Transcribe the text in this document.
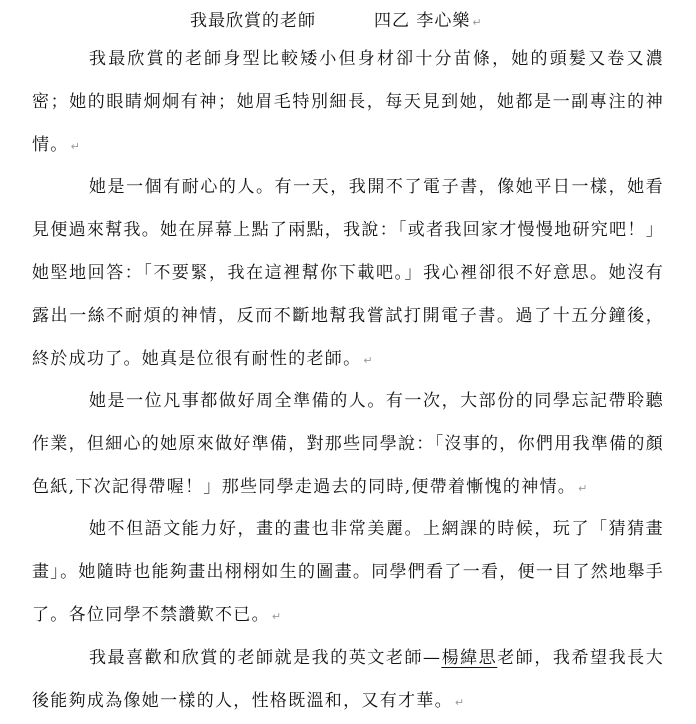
我最欣賞的老師	四乙 李心樂 ↵
我最欣賞的老師身型比較矮小但身材卻十分苗條，她的頭髮又卷又濃密；她的眼睛炯炯有神；她眉毛特別細長，每天見到她，她都是一副專注的神情。 ↵
她是一個有耐心的人。有一天，我開不了電子書，像她平日一樣，她看見便過來幫我。她在屏幕上點了兩點，我說：「或者我回家才慢慢地研究吧！」她堅地回答：「不要緊，我在這裡幫你下載吧。」我心裡卻很不好意思。她沒有露出一絲不耐煩的神情，反而不斷地幫我嘗試打開電子書。過了十五分鐘後，終於成功了。她真是位很有耐性的老師。 ↵
她是一位凡事都做好周全準備的人。有一次，大部份的同學忘記帶聆聽作業，但細心的她原來做好準備，對那些同學說：「沒事的，你們用我準備的顏色紙,下次記得帶喔！」那些同學走過去的同時,便帶着慚愧的神情。 ↵
她不但語文能力好，畫的畫也非常美麗。上網課的時候，玩了「猜猜畫畫」。她隨時也能夠畫出栩栩如生的圖畫。同學們看了一看，便一目了然地舉手了。各位同學不禁讚歎不已。 ↵
我最喜歡和欣賞的老師就是我的英文老師—楊緯思老師，我希望我長大後能夠成為像她一樣的人，性格既溫和，又有才華。 ↵
